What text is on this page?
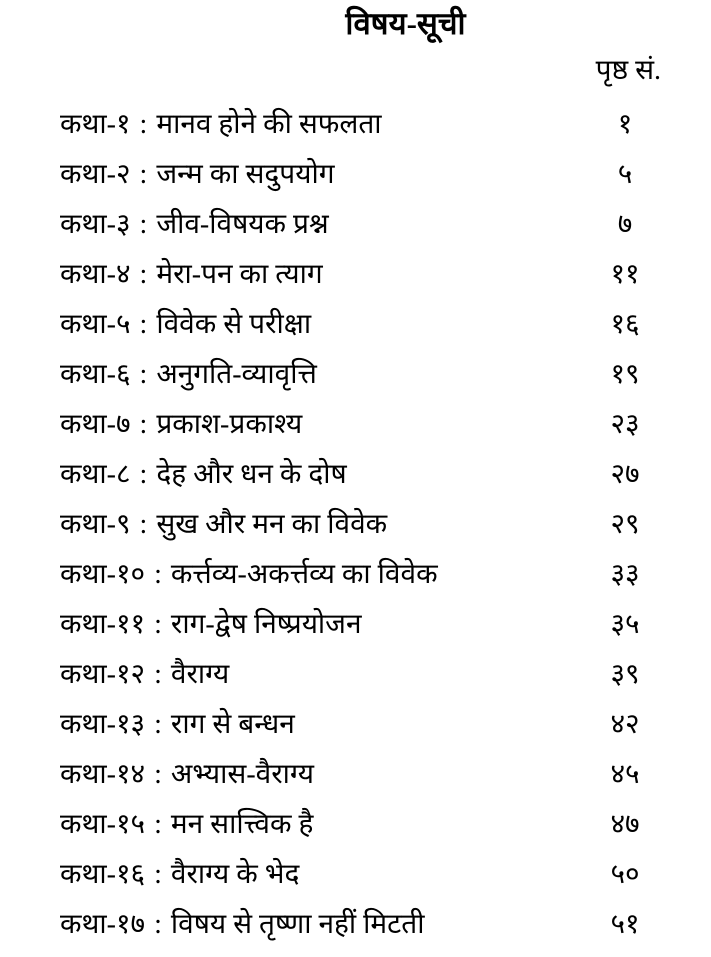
विषय-सूची
पृष्ठ सं.
कथा-१ : मानव होने की सफलता	१
कथा-२ : जन्म का सदुपयोग	५
कथा-३ : जीव-विषयक प्रश्न	७
कथा-४ : मेरा-पन का त्याग	११
कथा-५ : विवेक से परीक्षा	१६
कथा-६ : अनुगति-व्यावृत्ति	१९
कथा-७ : प्रकाश-प्रकाश्य	२३
कथा-८ : देह और धन के दोष	२७
कथा-९ : सुख और मन का विवेक	२९
कथा-१० : कर्त्तव्य-अकर्त्तव्य का विवेक	३३
कथा-११ : राग-द्वेष निष्प्रयोजन	३५
कथा-१२ : वैराग्य	३९
कथा-१३ : राग से बन्धन	४२
कथा-१४ : अभ्यास-वैराग्य	४५
कथा-१५ : मन सात्त्विक है	४७
कथा-१६ : वैराग्य के भेद	५०
कथा-१७ : विषय से तृष्णा नहीं मिटती	५१
